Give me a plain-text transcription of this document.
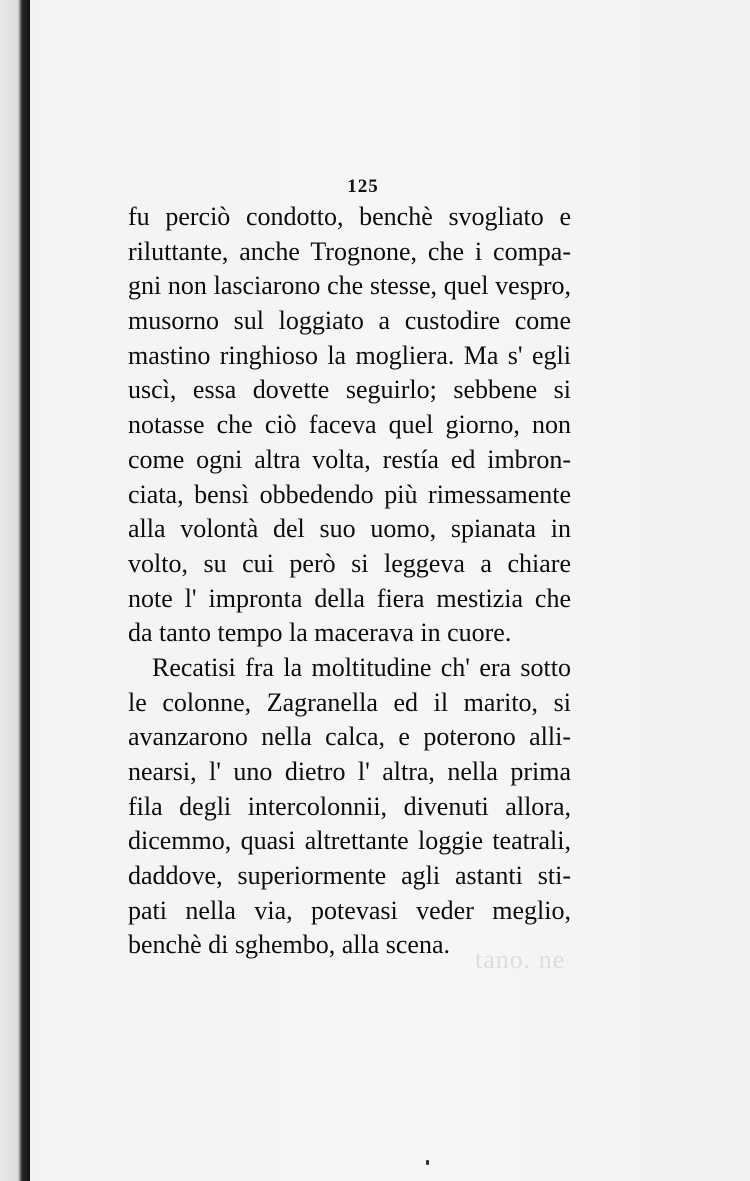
tano. ne
125
fu perciò condotto, benchè svogliato e
riluttante, anche Trognone, che i compa-
gni non lasciarono che stesse, quel vespro,
musorno sul loggiato a custodire come
mastino ringhioso la mogliera. Ma s' egli
uscì, essa dovette seguirlo; sebbene si
notasse che ciò faceva quel giorno, non
come ogni altra volta, restía ed imbron-
ciata, bensì obbedendo più rimessamente
alla volontà del suo uomo, spianata in
volto, su cui però si leggeva a chiare
note l' impronta della fiera mestizia che
da tanto tempo la macerava in cuore.
Recatisi fra la moltitudine ch' era sotto
le colonne, Zagranella ed il marito, si
avanzarono nella calca, e poterono alli-
nearsi, l' uno dietro l' altra, nella prima
fila degli intercolonnii, divenuti allora,
dicemmo, quasi altrettante loggie teatrali,
daddove, superiormente agli astanti sti-
pati nella via, potevasi veder meglio,
benchè di sghembo, alla scena.
